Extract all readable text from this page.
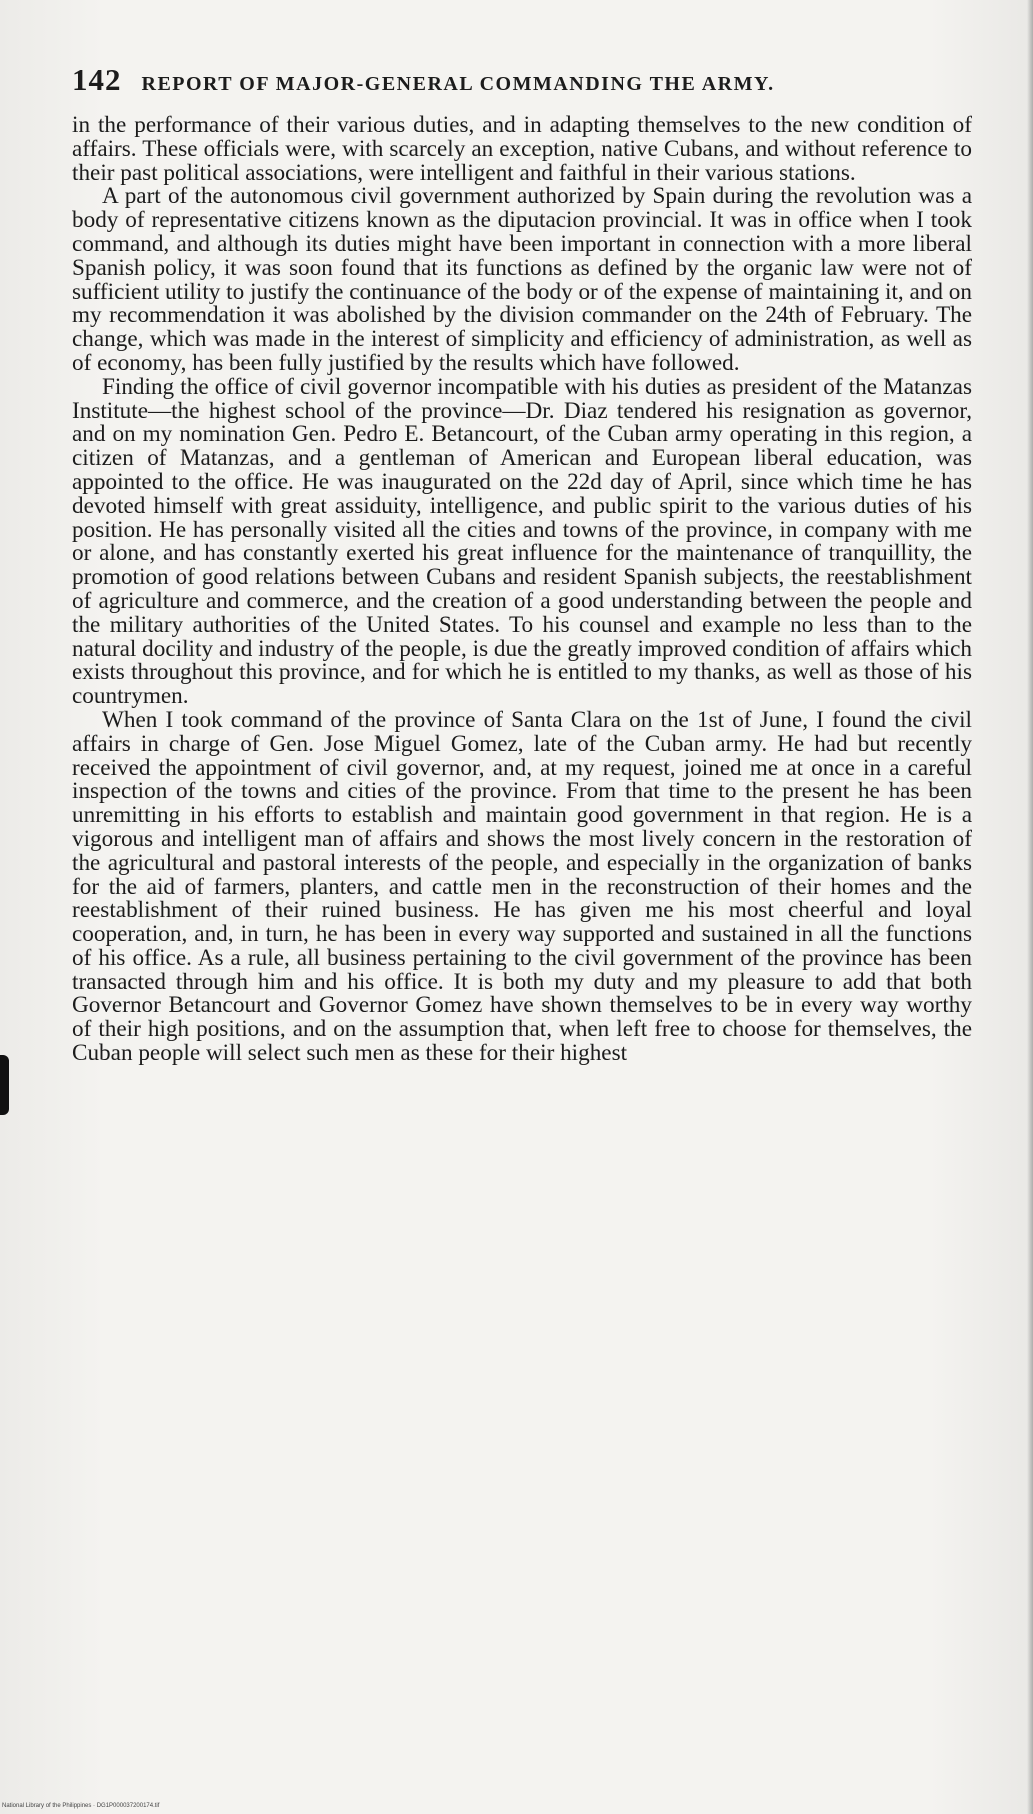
142 REPORT OF MAJOR-GENERAL COMMANDING THE ARMY.

in the performance of their various duties, and in adapting themselves to the new condition of affairs. These officials were, with scarcely an exception, native Cubans, and without reference to their past political associations, were intelligent and faithful in their various stations.

A part of the autonomous civil government authorized by Spain during the revolution was a body of representative citizens known as the diputacion provincial. It was in office when I took command, and although its duties might have been important in connection with a more liberal Spanish policy, it was soon found that its functions as defined by the organic law were not of sufficient utility to justify the continuance of the body or of the expense of maintaining it, and on my recommendation it was abolished by the division commander on the 24th of February. The change, which was made in the interest of simplicity and efficiency of administration, as well as of economy, has been fully justified by the results which have followed.

Finding the office of civil governor incompatible with his duties as president of the Matanzas Institute—the highest school of the province—Dr. Diaz tendered his resignation as governor, and on my nomination Gen. Pedro E. Betancourt, of the Cuban army operating in this region, a citizen of Matanzas, and a gentleman of American and European liberal education, was appointed to the office. He was inaugurated on the 22d day of April, since which time he has devoted himself with great assiduity, intelligence, and public spirit to the various duties of his position. He has personally visited all the cities and towns of the province, in company with me or alone, and has constantly exerted his great influence for the maintenance of tranquillity, the promotion of good relations between Cubans and resident Spanish subjects, the reestablishment of agriculture and commerce, and the creation of a good understanding between the people and the military authorities of the United States. To his counsel and example no less than to the natural docility and industry of the people, is due the greatly improved condition of affairs which exists throughout this province, and for which he is entitled to my thanks, as well as those of his countrymen.

When I took command of the province of Santa Clara on the 1st of June, I found the civil affairs in charge of Gen. Jose Miguel Gomez, late of the Cuban army. He had but recently received the appointment of civil governor, and, at my request, joined me at once in a careful inspection of the towns and cities of the province. From that time to the present he has been unremitting in his efforts to establish and maintain good government in that region. He is a vigorous and intelligent man of affairs and shows the most lively concern in the restoration of the agricultural and pastoral interests of the people, and especially in the organization of banks for the aid of farmers, planters, and cattle men in the reconstruction of their homes and the reestablishment of their ruined business. He has given me his most cheerful and loyal cooperation, and, in turn, he has been in every way supported and sustained in all the functions of his office. As a rule, all business pertaining to the civil government of the province has been transacted through him and his office. It is both my duty and my pleasure to add that both Governor Betancourt and Governor Gomez have shown themselves to be in every way worthy of their high positions, and on the assumption that, when left free to choose for themselves, the Cuban people will select such men as these for their highest

National Library of the Philippines · DG1P000037200174.tif
